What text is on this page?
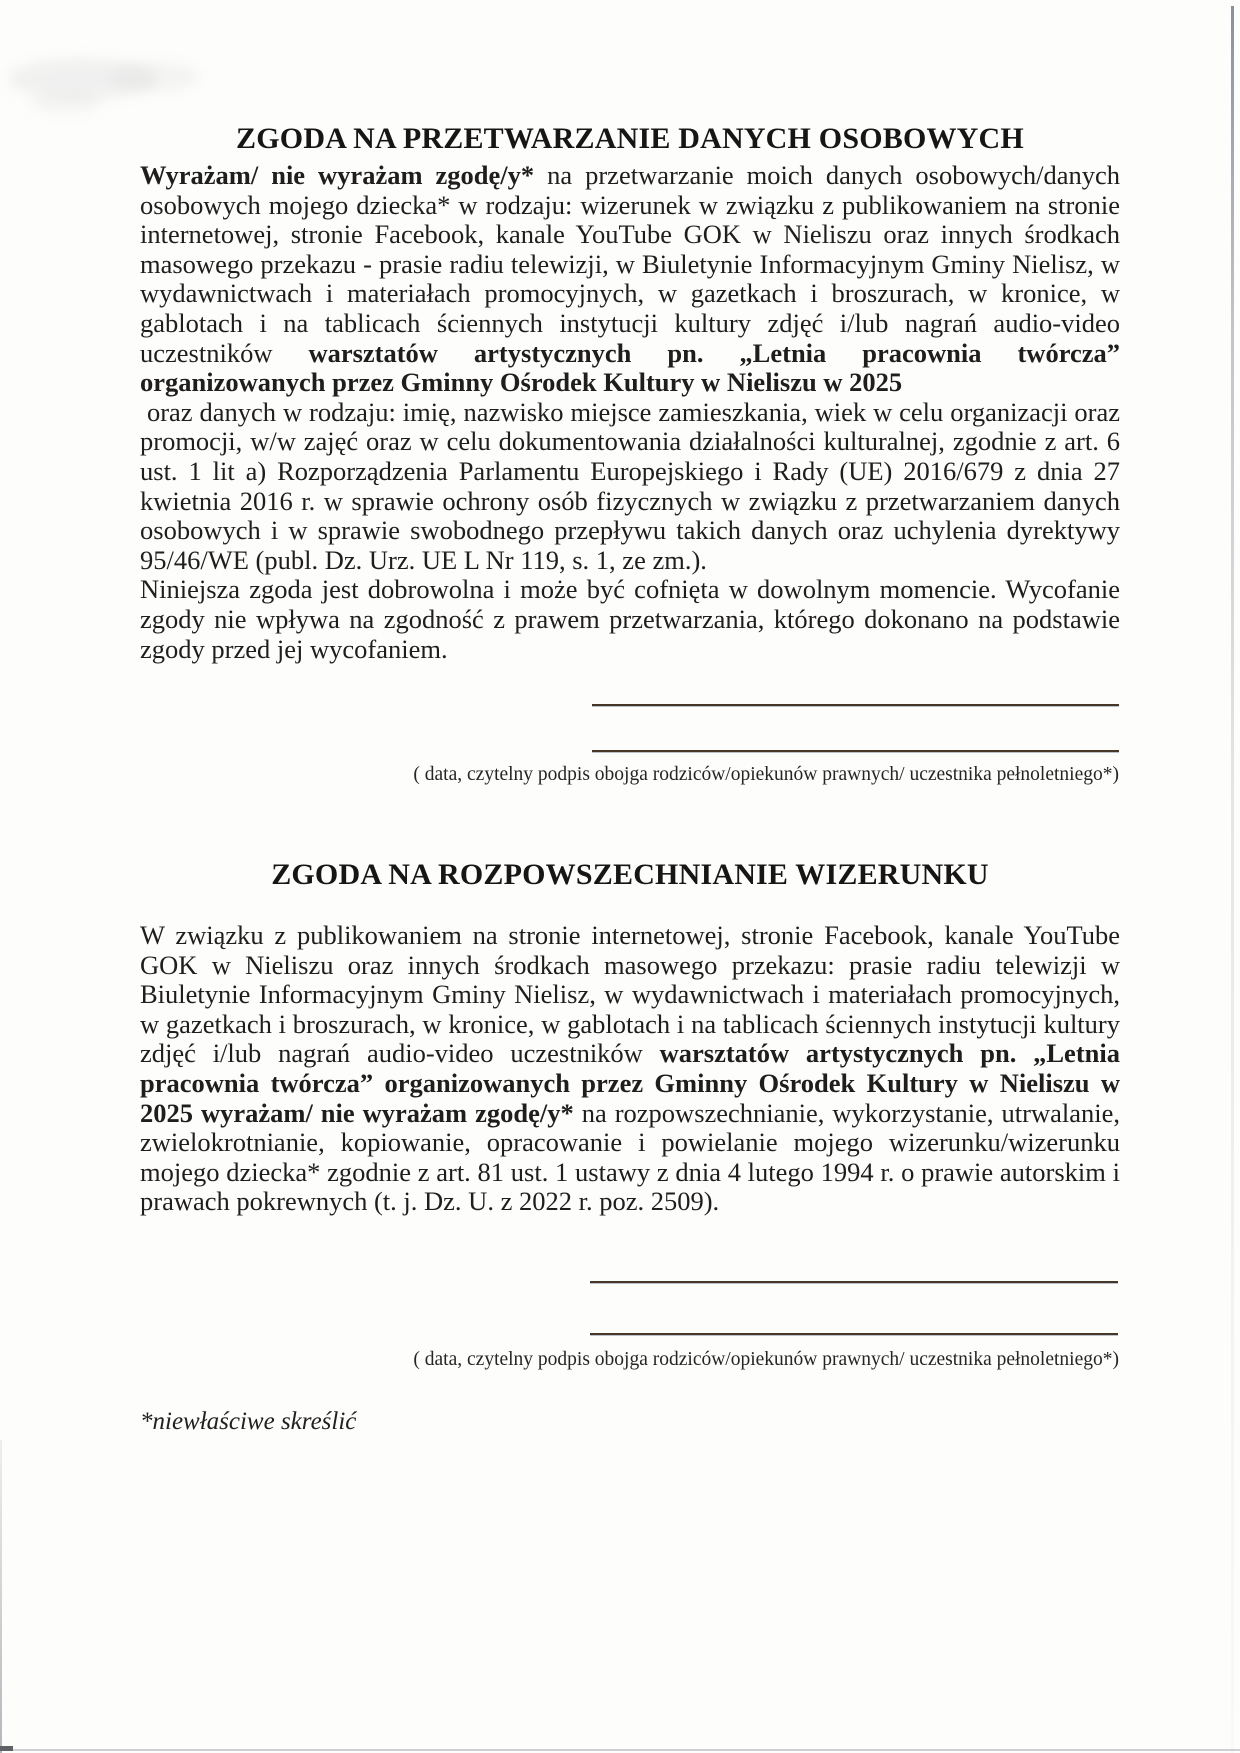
ZGODA NA PRZETWARZANIE DANYCH OSOBOWYCH

Wyrażam/ nie wyrażam zgodę/y* na przetwarzanie moich danych osobowych/danych osobowych mojego dziecka* w rodzaju: wizerunek w związku z publikowaniem na stronie internetowej, stronie Facebook, kanale YouTube GOK w Nieliszu oraz innych środkach masowego przekazu - prasie radiu telewizji, w Biuletynie Informacyjnym Gminy Nielisz, w wydawnictwach i materiałach promocyjnych, w gazetkach i broszurach, w kronice, w gablotach i na tablicach ściennych instytucji kultury zdjęć i/lub nagrań audio-video uczestników warsztatów artystycznych pn. „Letnia pracownia twórcza” organizowanych przez Gminny Ośrodek Kultury w Nieliszu w 2025

oraz danych w rodzaju: imię, nazwisko miejsce zamieszkania, wiek w celu organizacji oraz promocji, w/w zajęć oraz w celu dokumentowania działalności kulturalnej, zgodnie z art. 6 ust. 1 lit a) Rozporządzenia Parlamentu Europejskiego i Rady (UE) 2016/679 z dnia 27 kwietnia 2016 r. w sprawie ochrony osób fizycznych w związku z przetwarzaniem danych osobowych i w sprawie swobodnego przepływu takich danych oraz uchylenia dyrektywy 95/46/WE (publ. Dz. Urz. UE L Nr 119, s. 1, ze zm.).

Niniejsza zgoda jest dobrowolna i może być cofnięta w dowolnym momencie. Wycofanie zgody nie wpływa na zgodność z prawem przetwarzania, którego dokonano na podstawie zgody przed jej wycofaniem.

( data, czytelny podpis obojga rodziców/opiekunów prawnych/ uczestnika pełnoletniego*)
ZGODA NA ROZPOWSZECHNIANIE WIZERUNKU

W związku z publikowaniem na stronie internetowej, stronie Facebook, kanale YouTube GOK w Nieliszu oraz innych środkach masowego przekazu: prasie radiu telewizji w Biuletynie Informacyjnym Gminy Nielisz, w wydawnictwach i materiałach promocyjnych, w gazetkach i broszurach, w kronice, w gablotach i na tablicach ściennych instytucji kultury zdjęć i/lub nagrań audio-video uczestników warsztatów artystycznych pn. „Letnia pracownia twórcza” organizowanych przez Gminny Ośrodek Kultury w Nieliszu w 2025 wyrażam/ nie wyrażam zgodę/y* na rozpowszechnianie, wykorzystanie, utrwalanie, zwielokrotnianie, kopiowanie, opracowanie i powielanie mojego wizerunku/wizerunku mojego dziecka* zgodnie z art. 81 ust. 1 ustawy z dnia 4 lutego 1994 r. o prawie autorskim i prawach pokrewnych (t. j. Dz. U. z 2022 r. poz. 2509).

( data, czytelny podpis obojga rodziców/opiekunów prawnych/ uczestnika pełnoletniego*)
*niewłaściwe skreślić
